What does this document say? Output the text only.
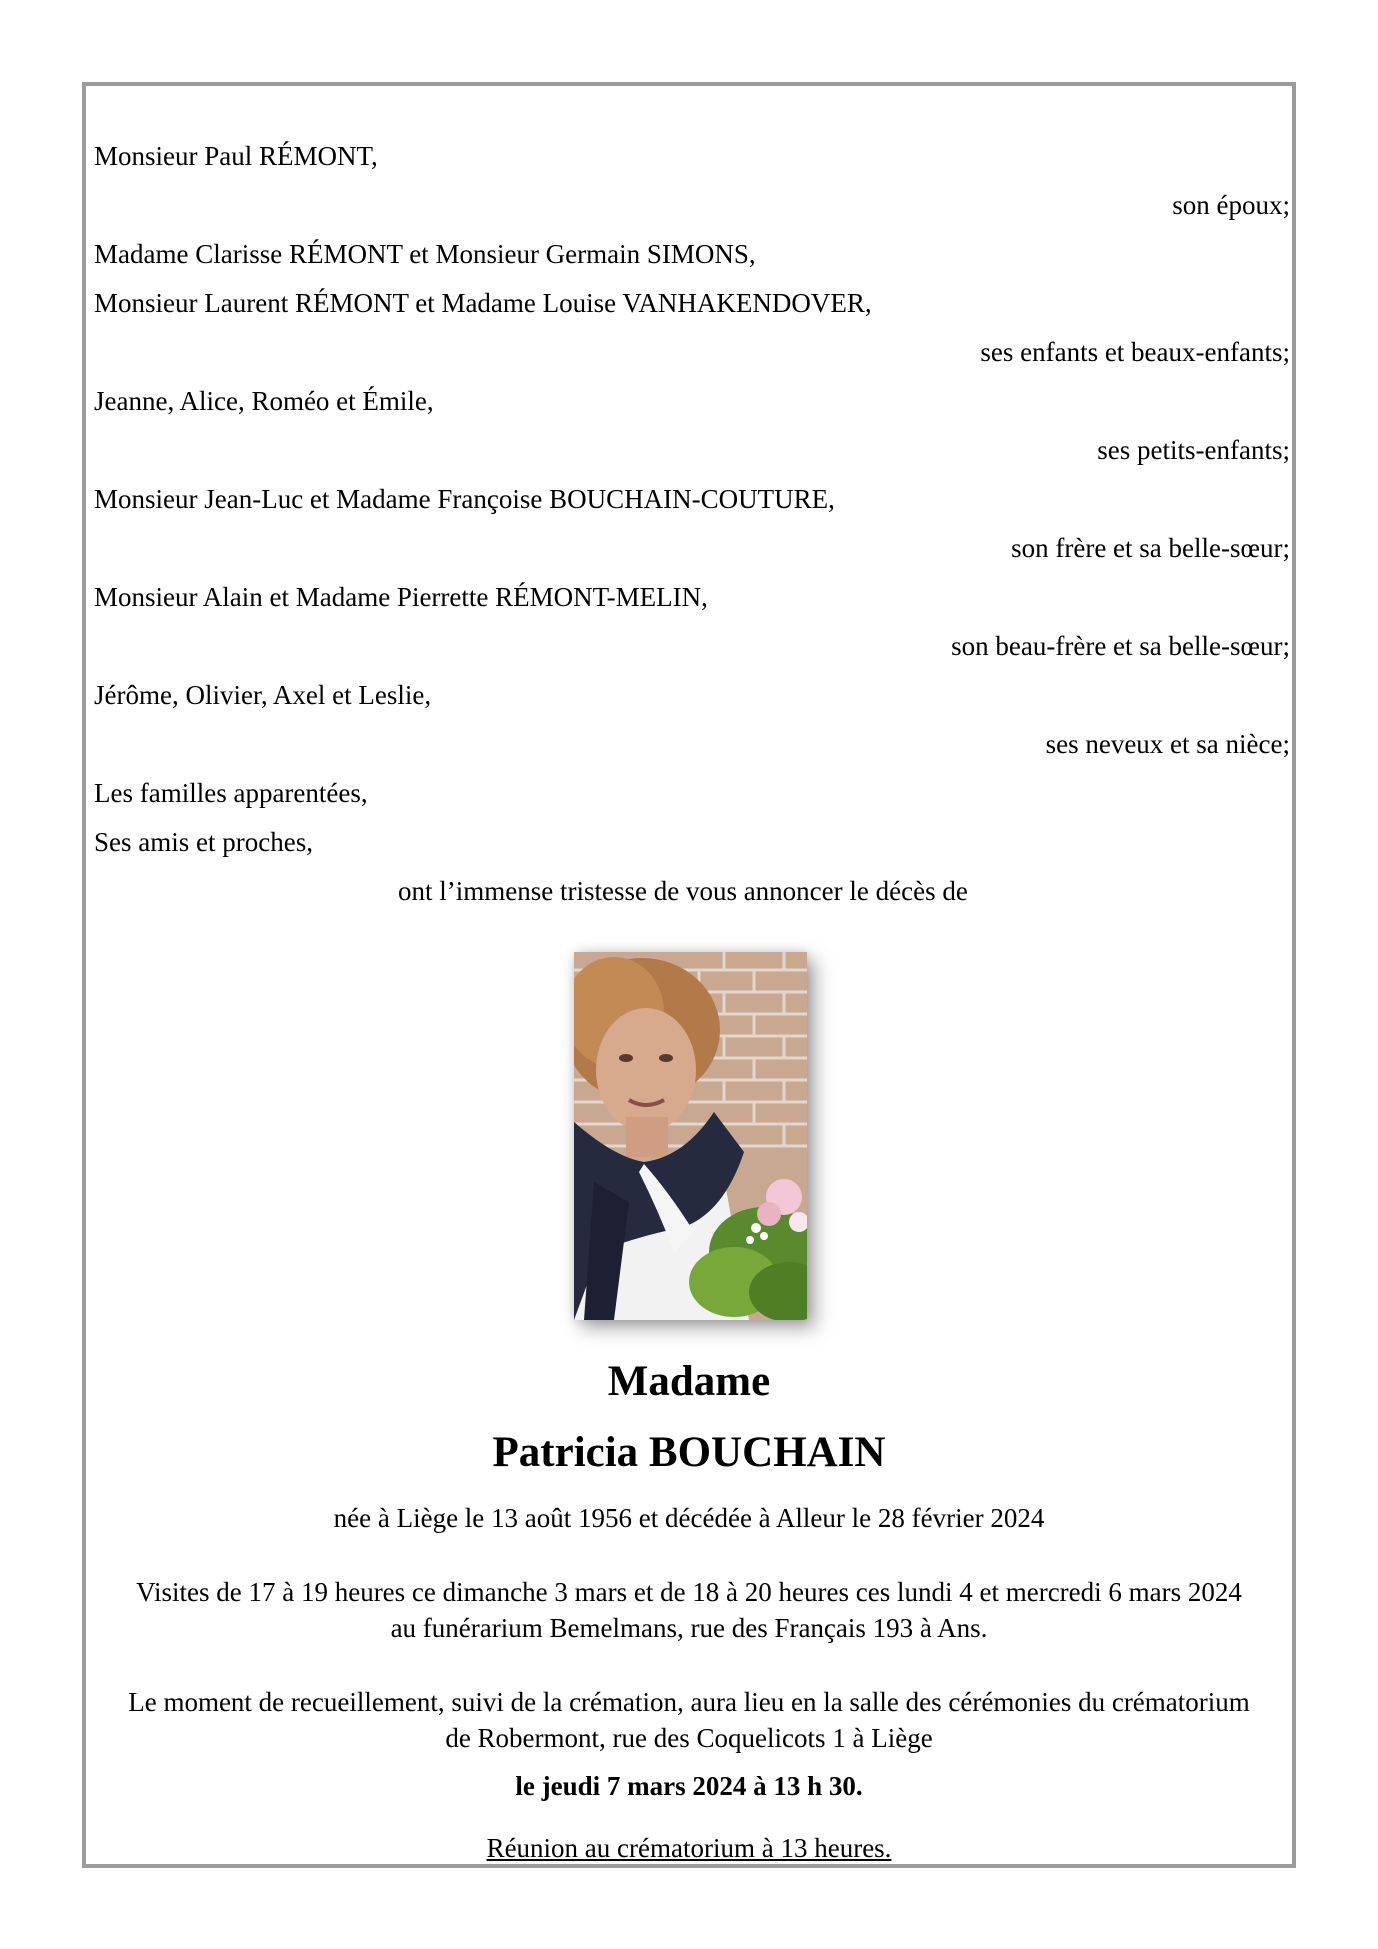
Monsieur Paul RÉMONT,
son époux;
Madame Clarisse RÉMONT et Monsieur Germain SIMONS,
Monsieur Laurent RÉMONT et Madame Louise VANHAKENDOVER,
ses enfants et beaux-enfants;
Jeanne, Alice, Roméo et Émile,
ses petits-enfants;
Monsieur Jean-Luc et Madame Françoise BOUCHAIN-COUTURE,
son frère et sa belle-sœur;
Monsieur Alain et Madame Pierrette RÉMONT-MELIN,
son beau-frère et sa belle-sœur;
Jérôme, Olivier, Axel et Leslie,
ses neveux et sa nièce;
Les familles apparentées,
Ses amis et proches,
ont l’immense tristesse de vous annoncer le décès de
Madame
Patricia BOUCHAIN
née à Liège le 13 août 1956 et décédée à Alleur le 28 février 2024
Visites de 17 à 19 heures ce dimanche 3 mars et de 18 à 20 heures ces lundi 4 et mercredi 6 mars 2024
au funérarium Bemelmans, rue des Français 193 à Ans.
Le moment de recueillement, suivi de la crémation, aura lieu en la salle des cérémonies du crématorium
de Robermont, rue des Coquelicots 1 à Liège
le jeudi 7 mars 2024 à 13 h 30.
Réunion au crématorium à 13 heures.
